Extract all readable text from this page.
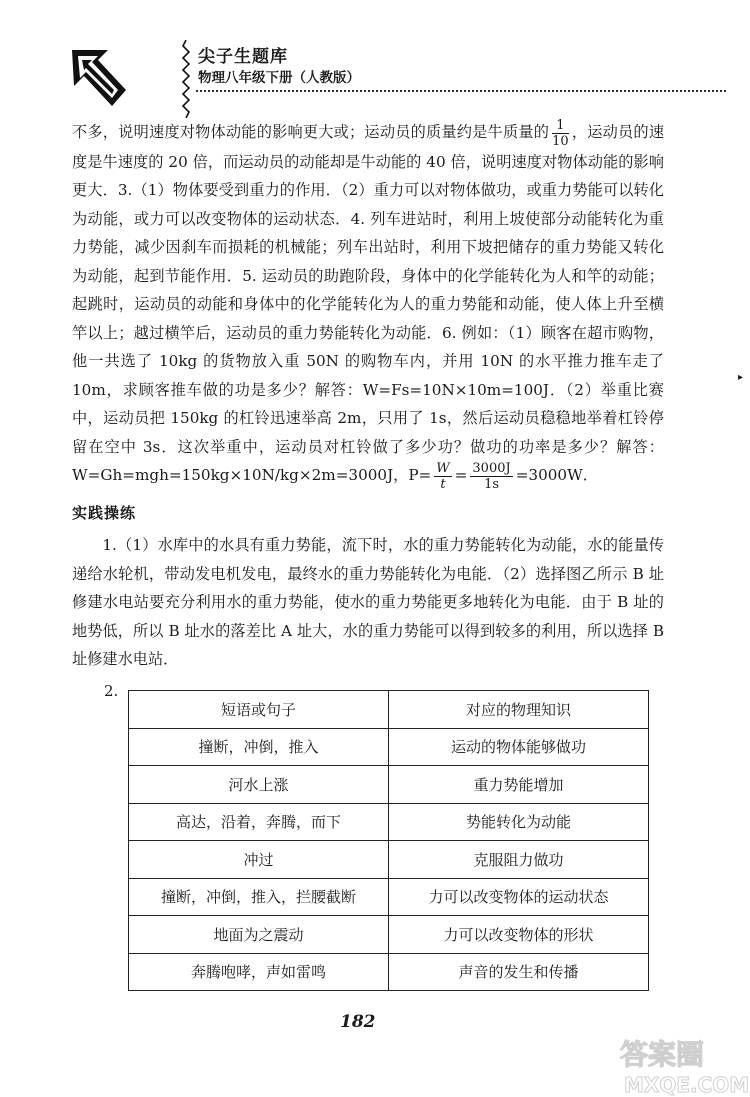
尖子生题库
物理八年级下册（人教版）

不多，说明速度对物体动能的影响更大或；运动员的质量约是牛质量的 $\frac{1}{10}$ ，运动员的速度是牛速度的 20 倍，而运动员的动能却是牛动能的 40 倍，说明速度对物体动能的影响更大．3.（1）物体要受到重力的作用．（2）重力可以对物体做功，或重力势能可以转化为动能，或力可以改变物体的运动状态．4. 列车进站时，利用上坡使部分动能转化为重力势能，减少因刹车而损耗的机械能；列车出站时，利用下坡把储存的重力势能又转化为动能，起到节能作用．5. 运动员的助跑阶段，身体中的化学能转化为人和竿的动能；起跳时，运动员的动能和身体中的化学能转化为人的重力势能和动能，使人体上升至横竿以上；越过横竿后，运动员的重力势能转化为动能．6. 例如：（1）顾客在超市购物，他一共选了 10kg 的货物放入重 50N 的购物车内，并用 10N 的水平推力推车走了 10m，求顾客推车做的功是多少？解答：W=Fs=10N×10m=100J．（2）举重比赛中，运动员把 150kg 的杠铃迅速举高 2m，只用了 1s，然后运动员稳稳地举着杠铃停留在空中 3s．这次举重中，运动员对杠铃做了多少功？做功的功率是多少？解答：W=Gh=mgh=150kg×10N/kg×2m=3000J，$P= \frac{W}{t} = \frac{3000J}{1s} =3000W$．

实践操练

1.（1）水库中的水具有重力势能，流下时，水的重力势能转化为动能，水的能量传递给水轮机，带动发电机发电，最终水的重力势能转化为电能．（2）选择图乙所示 B 址修建水电站要充分利用水的重力势能，使水的重力势能更多地转化为电能．由于 B 址的地势低，所以 B 址水的落差比 A 址大，水的重力势能可以得到较多的利用，所以选择 B 址修建水电站．

2.
短语或句子	对应的物理知识
撞断，冲倒，推入	运动的物体能够做功
河水上涨	重力势能增加
高达，沿着，奔腾，而下	势能转化为动能
冲过	克服阻力做功
撞断，冲倒，推入，拦腰截断	力可以改变物体的运动状态
地面为之震动	力可以改变物体的形状
奔腾咆哮，声如雷鸣	声音的发生和传播
182
答案圈
MXQE.COM
▸
